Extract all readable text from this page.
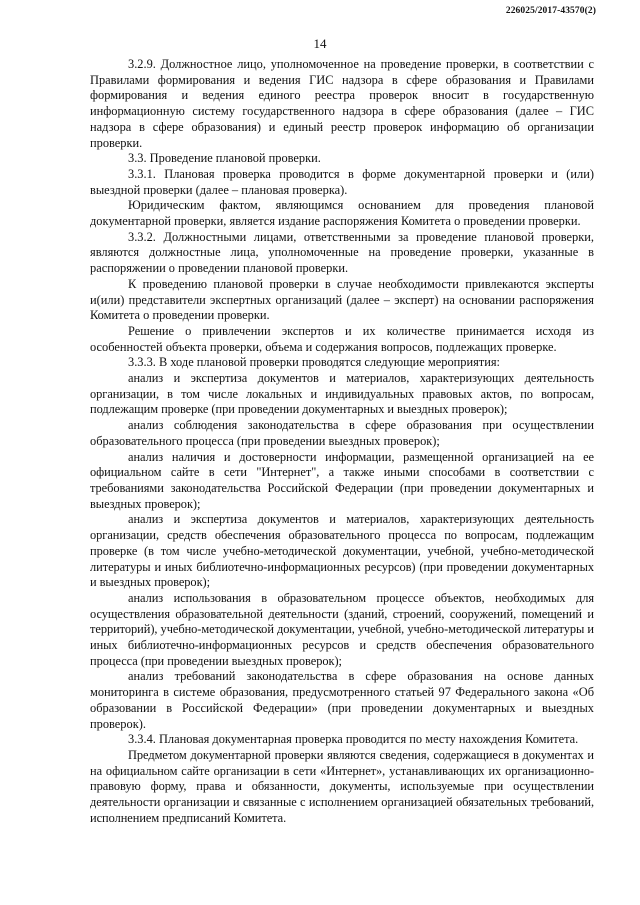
226025/2017-43570(2)
14

3.2.9. Должностное лицо, уполномоченное на проведение проверки, в соответствии с Правилами формирования и ведения ГИС надзора в сфере образования и Правилами формирования и ведения единого реестра проверок вносит в государственную информационную систему государственного надзора в сфере образования (далее – ГИС надзора в сфере образования) и единый реестр проверок информацию об организации проверки.

3.3. Проведение плановой проверки.

3.3.1. Плановая проверка проводится в форме документарной проверки и (или) выездной проверки (далее – плановая проверка).

Юридическим фактом, являющимся основанием для проведения плановой документарной проверки, является издание распоряжения Комитета о проведении проверки.

3.3.2. Должностными лицами, ответственными за проведение плановой проверки, являются должностные лица, уполномоченные на проведение проверки, указанные в распоряжении о проведении плановой проверки.

К проведению плановой проверки в случае необходимости привлекаются эксперты и(или) представители экспертных организаций (далее – эксперт) на основании распоряжения Комитета о проведении проверки.

Решение о привлечении экспертов и их количестве принимается исходя из особенностей объекта проверки, объема и содержания вопросов, подлежащих проверке.

3.3.3. В ходе плановой проверки проводятся следующие мероприятия:

анализ и экспертиза документов и материалов, характеризующих деятельность организации, в том числе локальных и индивидуальных правовых актов, по вопросам, подлежащим проверке (при проведении документарных и выездных проверок);

анализ соблюдения законодательства в сфере образования при осуществлении образовательного процесса (при проведении выездных проверок);

анализ наличия и достоверности информации, размещенной организацией на ее официальном сайте в сети "Интернет", а также иными способами в соответствии с требованиями законодательства Российской Федерации (при проведении документарных и выездных проверок);

анализ и экспертиза документов и материалов, характеризующих деятельность организации, средств обеспечения образовательного процесса по вопросам, подлежащим проверке (в том числе учебно-методической документации, учебной, учебно-методической литературы и иных библиотечно-информационных ресурсов) (при проведении документарных и выездных проверок);

анализ использования в образовательном процессе объектов, необходимых для осуществления образовательной деятельности (зданий, строений, сооружений, помещений и территорий), учебно-методической документации, учебной, учебно-методической литературы и иных библиотечно-информационных ресурсов и средств обеспечения образовательного процесса (при проведении выездных проверок);

анализ требований законодательства в сфере образования на основе данных мониторинга в системе образования, предусмотренного статьей 97 Федерального закона «Об образовании в Российской Федерации» (при проведении документарных и выездных проверок).

3.3.4. Плановая документарная проверка проводится по месту нахождения Комитета.

Предметом документарной проверки являются сведения, содержащиеся в документах и на официальном сайте организации в сети «Интернет», устанавливающих их организационно-правовую форму, права и обязанности, документы, используемые при осуществлении деятельности организации и связанные с исполнением организацией обязательных требований, исполнением предписаний Комитета.
